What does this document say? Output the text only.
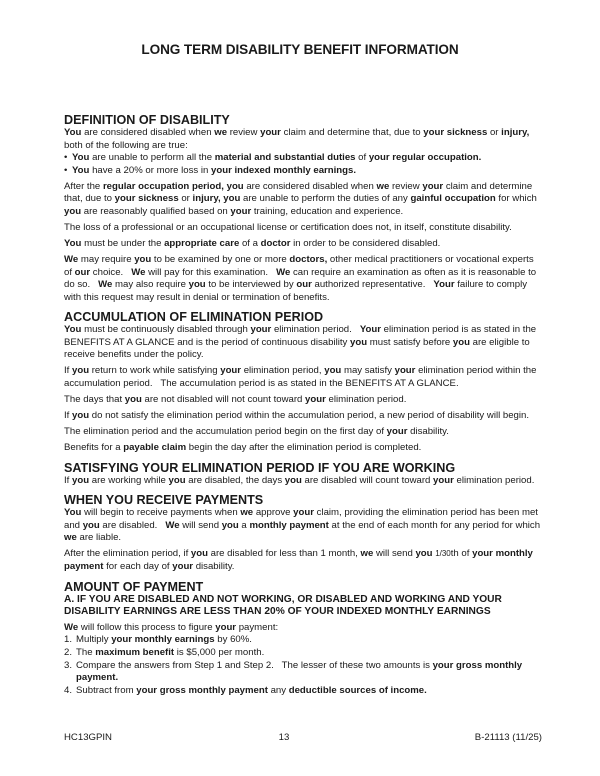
LONG TERM DISABILITY BENEFIT INFORMATION
DEFINITION OF DISABILITY

You are considered disabled when we review your claim and determine that, due to your sickness or injury, both of the following are true:

• You are unable to perform all the material and substantial duties of your regular occupation.

• You have a 20% or more loss in your indexed monthly earnings.

After the regular occupation period, you are considered disabled when we review your claim and determine that, due to your sickness or injury, you are unable to perform the duties of any gainful occupation for which you are reasonably qualified based on your training, education and experience.

The loss of a professional or an occupational license or certification does not, in itself, constitute disability.

You must be under the appropriate care of a doctor in order to be considered disabled.

We may require you to be examined by one or more doctors, other medical practitioners or vocational experts of our choice.   We will pay for this examination.   We can require an examination as often as it is reasonable to do so.   We may also require you to be interviewed by our authorized representative.   Your failure to comply with this request may result in denial or termination of benefits.

ACCUMULATION OF ELIMINATION PERIOD

You must be continuously disabled through your elimination period.   Your elimination period is as stated in the BENEFITS AT A GLANCE and is the period of continuous disability you must satisfy before you are eligible to receive benefits under the policy.

If you return to work while satisfying your elimination period, you may satisfy your elimination period within the accumulation period.   The accumulation period is as stated in the BENEFITS AT A GLANCE.

The days that you are not disabled will not count toward your elimination period.

If you do not satisfy the elimination period within the accumulation period, a new period of disability will begin.

The elimination period and the accumulation period begin on the first day of your disability.

Benefits for a payable claim begin the day after the elimination period is completed.

SATISFYING YOUR ELIMINATION PERIOD IF YOU ARE WORKING

If you are working while you are disabled, the days you are disabled will count toward your elimination period.

WHEN YOU RECEIVE PAYMENTS

You will begin to receive payments when we approve your claim, providing the elimination period has been met and you are disabled.   We will send you a monthly payment at the end of each month for any period for which we are liable.

After the elimination period, if you are disabled for less than 1 month, we will send you 1/30th of your monthly payment for each day of your disability.

AMOUNT OF PAYMENT
A. IF YOU ARE DISABLED AND NOT WORKING, OR DISABLED AND WORKING AND YOUR DISABILITY EARNINGS ARE LESS THAN 20% OF YOUR INDEXED MONTHLY EARNINGS

We will follow this process to figure your payment:

1. Multiply your monthly earnings by 60%.

2. The maximum benefit is $5,000 per month.

3. Compare the answers from Step 1 and Step 2.   The lesser of these two amounts is your gross monthly payment.

4. Subtract from your gross monthly payment any deductible sources of income.

HC13GPIN	13	B-21113 (11/25)
